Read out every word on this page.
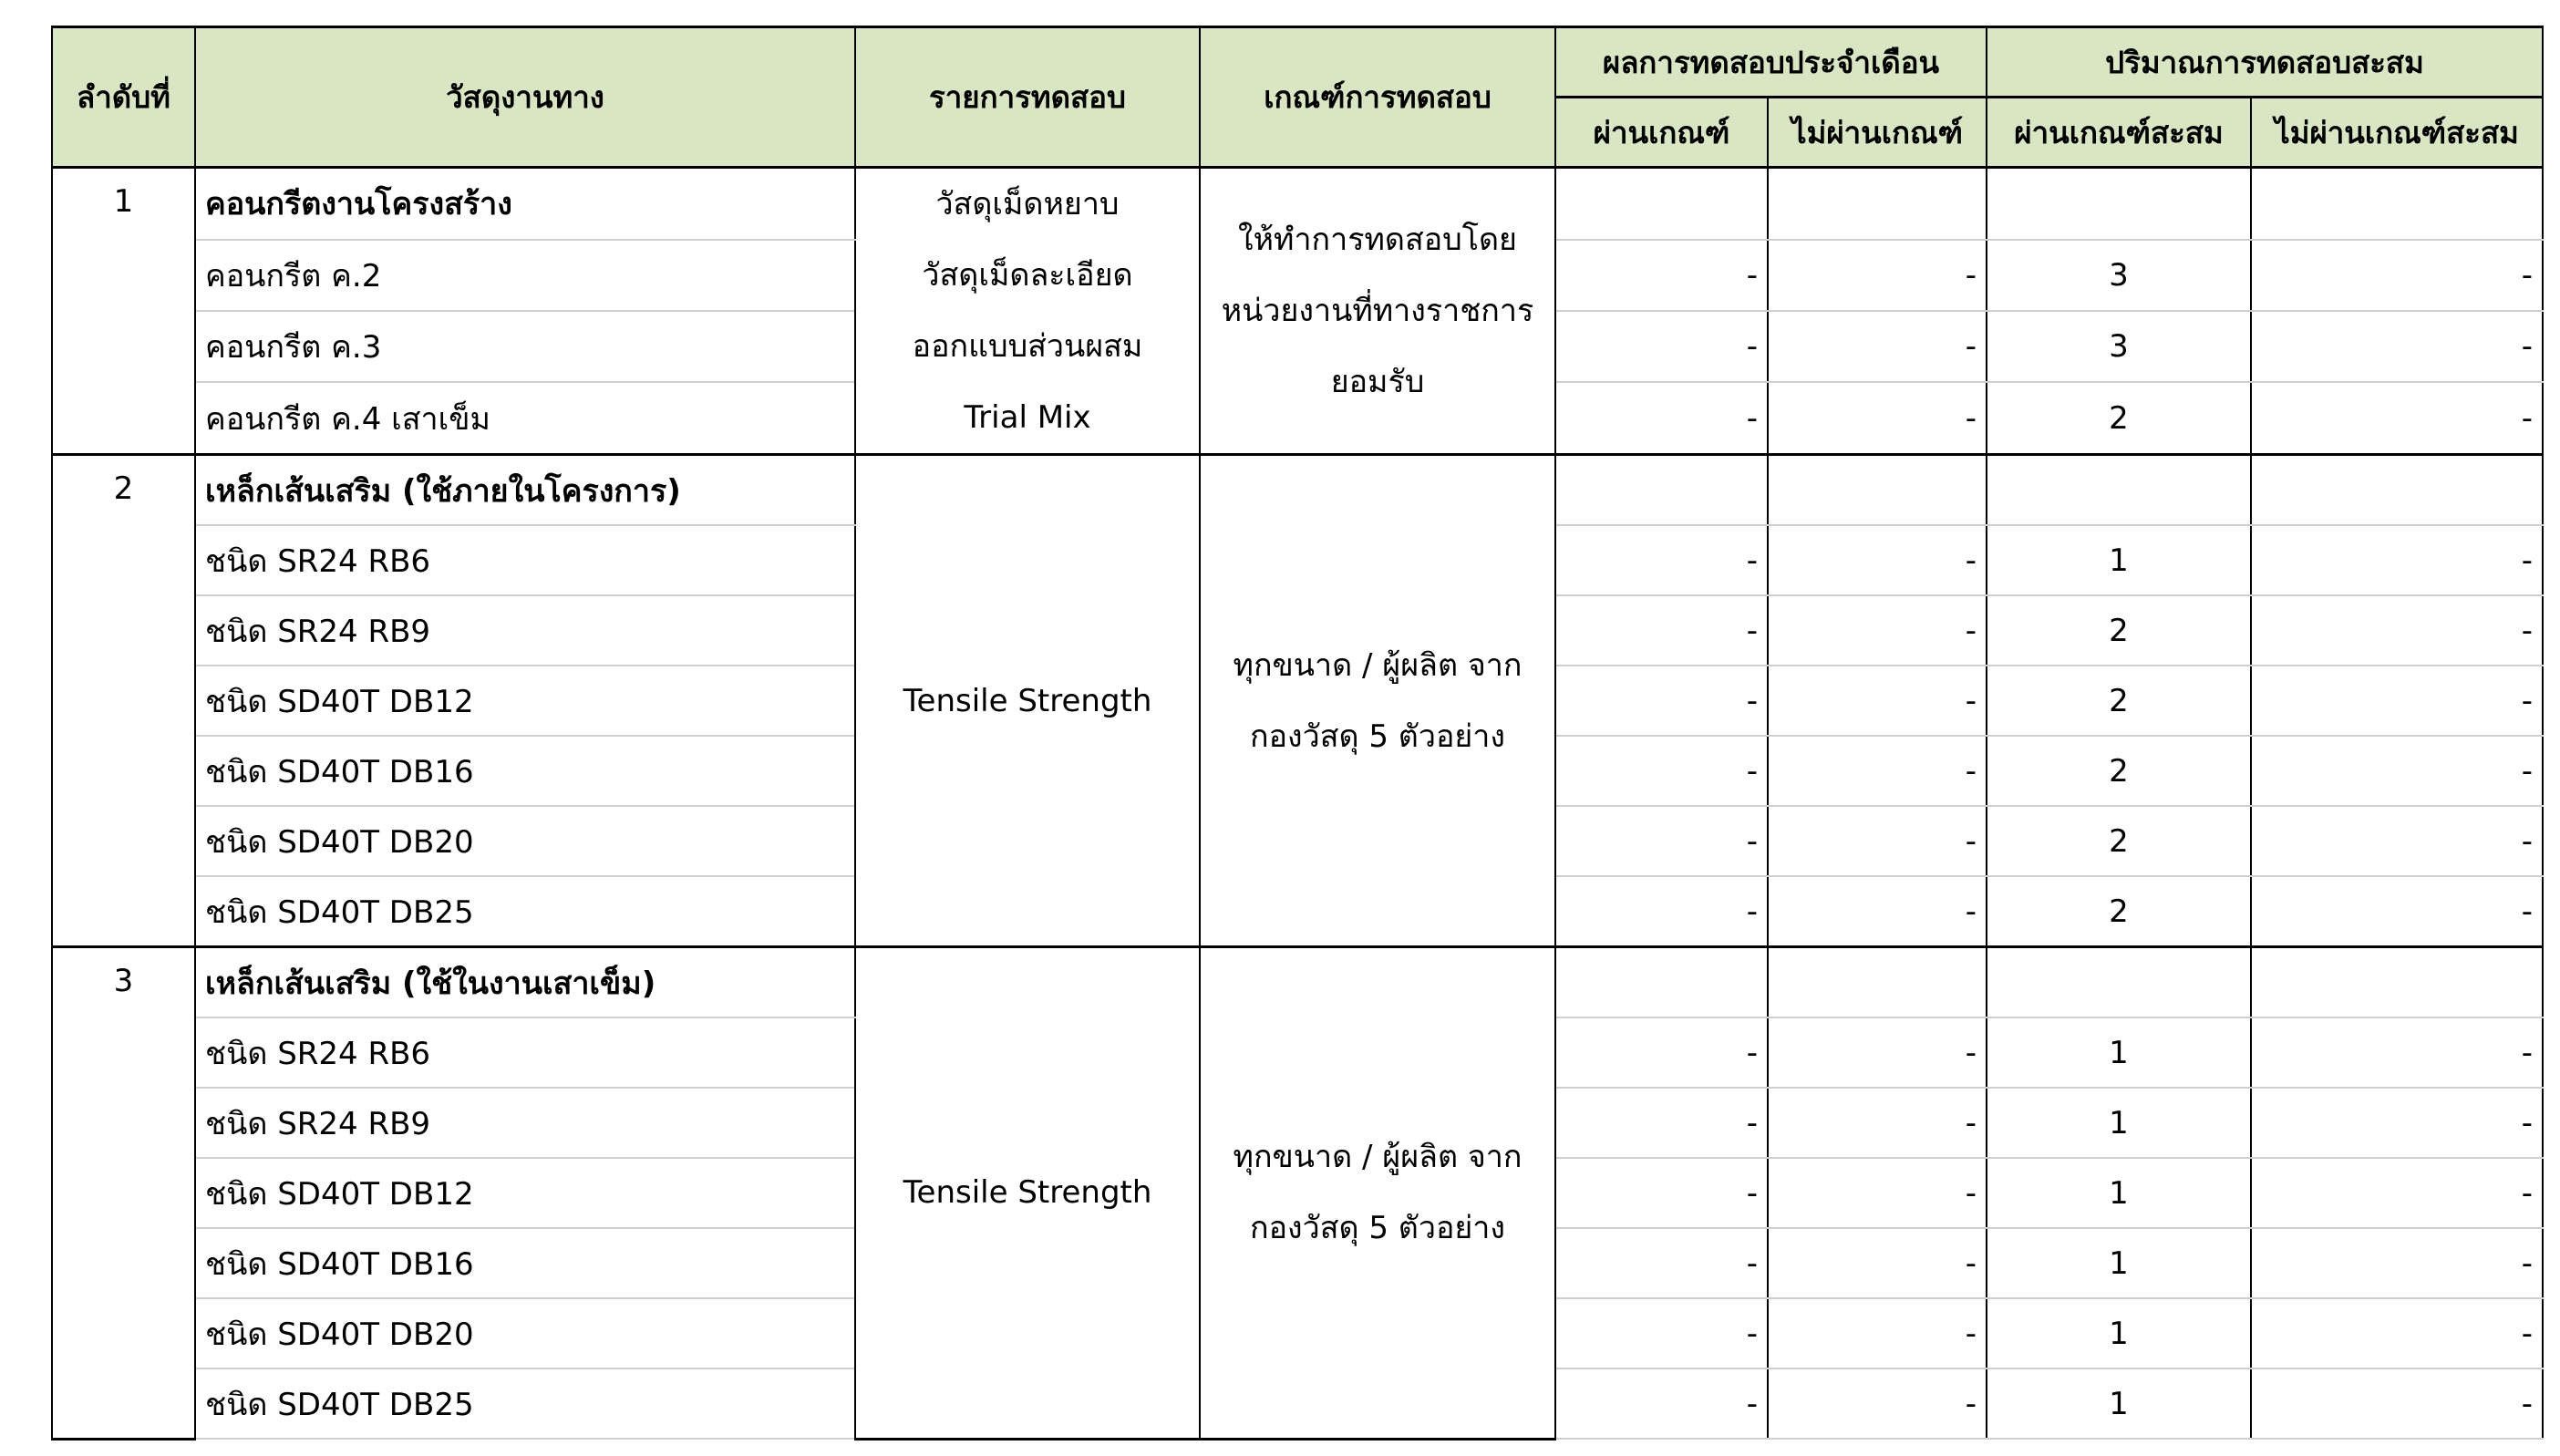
ลำดับที่	วัสดุงานทาง	รายการทดสอบ	เกณฑ์การทดสอบ	ผลการทดสอบประจำเดือน		ปริมาณการทดสอบสะสม	
				ผ่านเกณฑ์	ไม่ผ่านเกณฑ์	ผ่านเกณฑ์สะสม	ไม่ผ่านเกณฑ์สะสม
1	คอนกรีตงานโครงสร้าง	วัสดุเม็ดหยาบ
วัสดุเม็ดละเอียด
ออกแบบส่วนผสม
Trial Mix	ให้ทำการทดสอบโดย
หน่วยงานที่ทางราชการ
ยอมรับ				

	คอนกรีต ค.2			-	-	3	-
	คอนกรีต ค.3			-	-	3	-
	คอนกรีต ค.4 เสาเข็ม			-	-	2	-
2	เหล็กเส้นเสริม (ใช้ภายในโครงการ)	Tensile Strength	ทุกขนาด / ผู้ผลิต จาก
กองวัสดุ 5 ตัวอย่าง				

	ชนิด SR24 RB6			-	-	1	-
	ชนิด SR24 RB9			-	-	2	-
	ชนิด SD40T DB12			-	-	2	-
	ชนิด SD40T DB16			-	-	2	-
	ชนิด SD40T DB20			-	-	2	-
	ชนิด SD40T DB25			-	-	2	-
3	เหล็กเส้นเสริม (ใช้ในงานเสาเข็ม)	Tensile Strength	ทุกขนาด / ผู้ผลิต จาก
กองวัสดุ 5 ตัวอย่าง				

	ชนิด SR24 RB6			-	-	1	-
	ชนิด SR24 RB9			-	-	1	-
	ชนิด SD40T DB12			-	-	1	-
	ชนิด SD40T DB16			-	-	1	-
	ชนิด SD40T DB20			-	-	1	-
	ชนิด SD40T DB25			-	-	1	-
